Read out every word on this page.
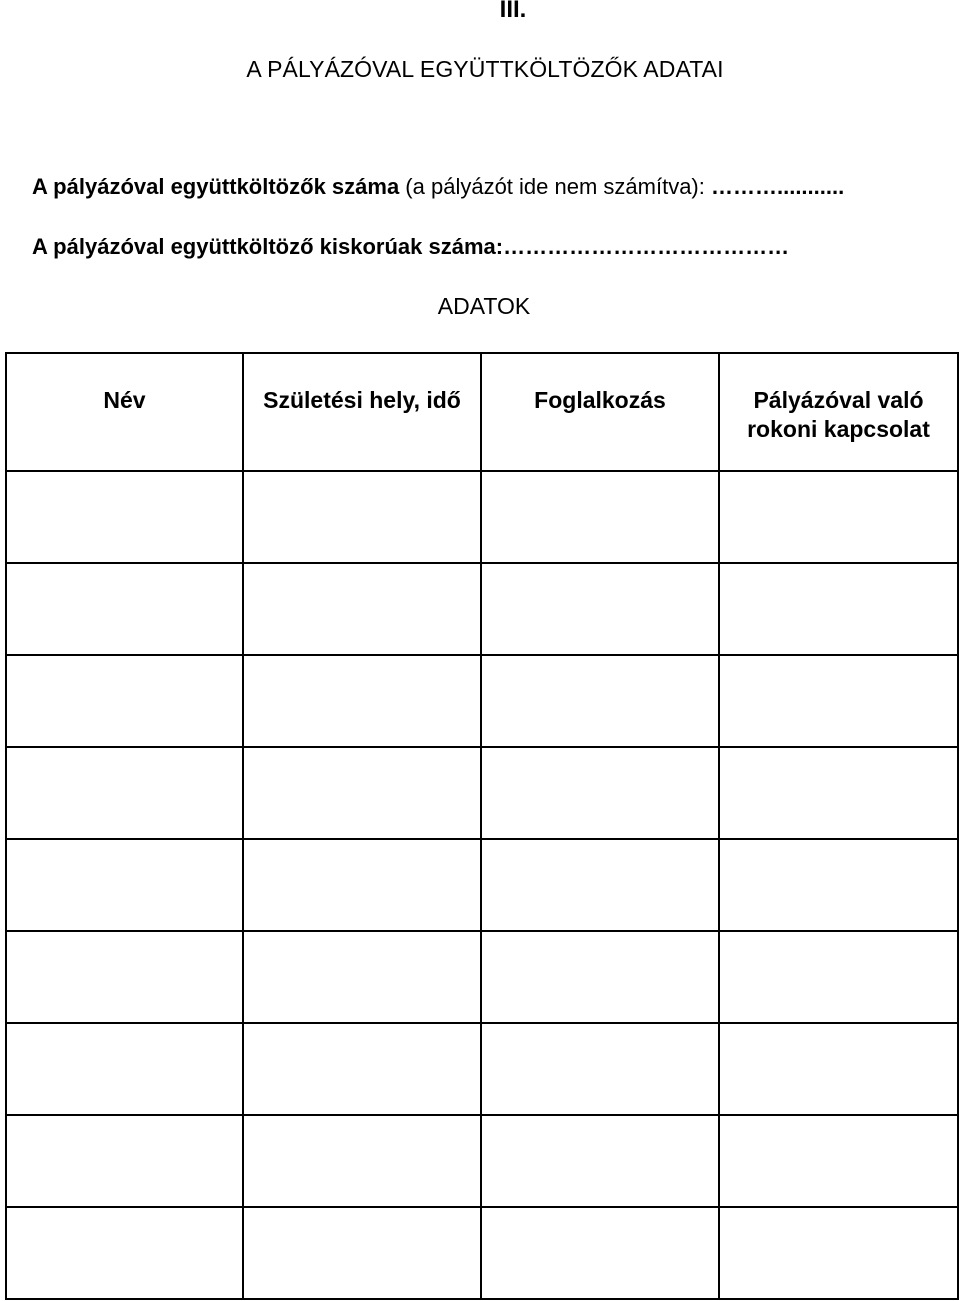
III.
A PÁLYÁZÓVAL EGYÜTTKÖLTÖZŐK ADATAI
A pályázóval együttköltözők száma (a pályázót ide nem számítva): ………...........
A pályázóval együttköltöző kiskorúak száma:…………………………………
ADATOK
Név	Születési hely, idő	Foglalkozás	Pályázóval való rokoni kapcsolat
